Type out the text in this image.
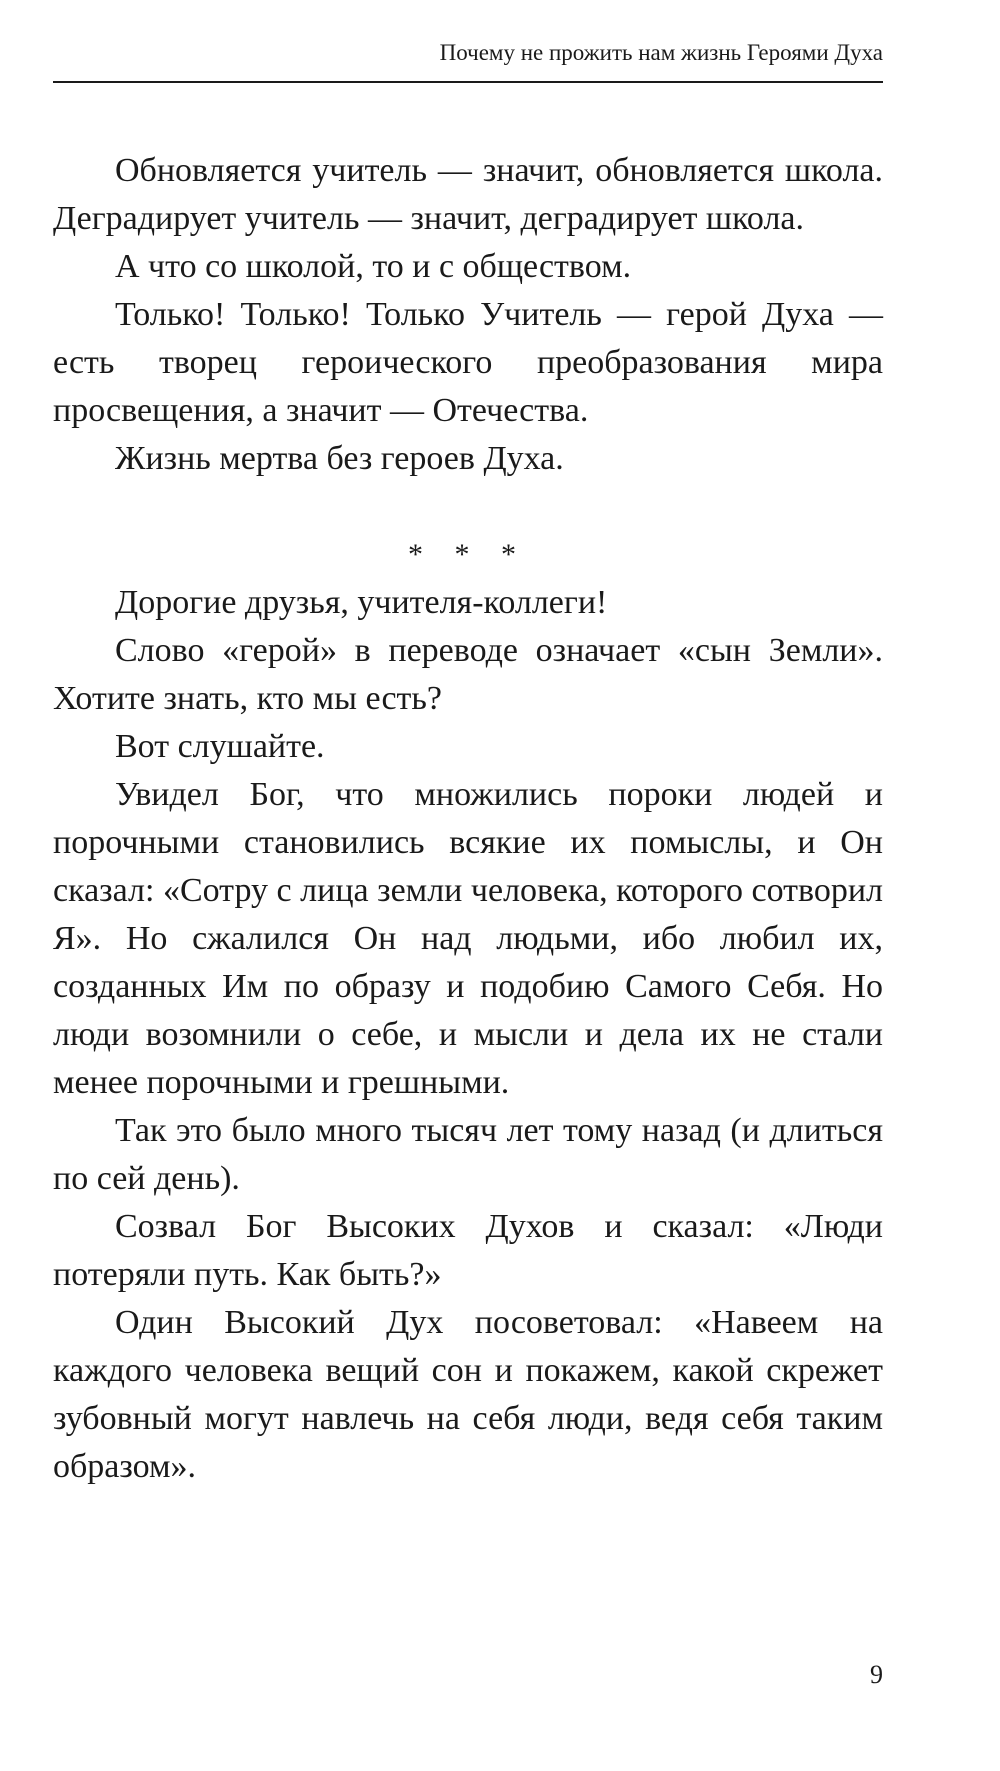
Почему не прожить нам жизнь Героями Духа

Обновляется учитель — значит, обновляется школа. Деградирует учитель — значит, деградирует школа.

А что со школой, то и с обществом.

Только! Только! Только Учитель — герой Духа — есть творец героического преобразования мира просвещения, а значит — Отечества.

Жизнь мертва без героев Духа.

* * *

Дорогие друзья, учителя-коллеги!

Слово «герой» в переводе означает «сын Земли». Хотите знать, кто мы есть?

Вот слушайте.

Увидел Бог, что множились пороки людей и порочными становились всякие их помыслы, и Он сказал: «Сотру с лица земли человека, которого сотворил Я». Но сжалился Он над людьми, ибо любил их, созданных Им по образу и подобию Самого Себя. Но люди возомнили о себе, и мысли и дела их не стали менее порочными и грешными.

Так это было много тысяч лет тому назад (и длиться по сей день).

Созвал Бог Высоких Духов и сказал: «Люди потеряли путь. Как быть?»

Один Высокий Дух посоветовал: «Навеем на каждого человека вещий сон и покажем, какой скрежет зубовный могут навлечь на себя люди, ведя себя таким образом».

9
